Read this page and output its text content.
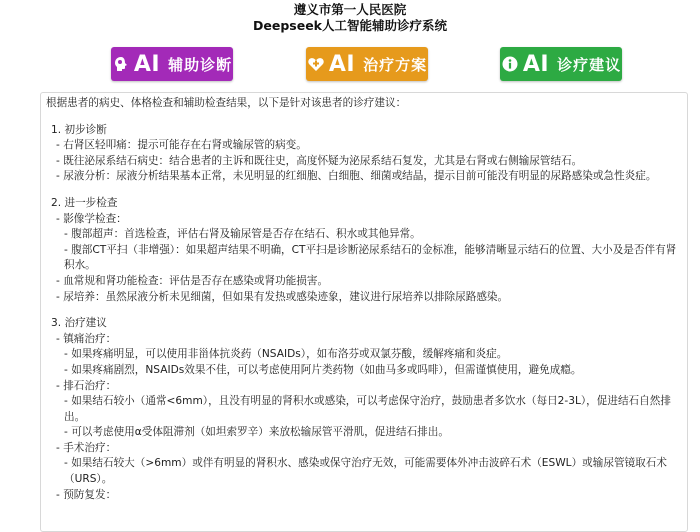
遵义市第一人民医院
Deepseek人工智能辅助诊疗系统
AI 辅助诊断	AI 治疗方案	AI 诊疗建议
根据患者的病史、体格检查和辅助检查结果，以下是针对该患者的诊疗建议：
1. 初步诊断
- 右肾区轻叩痛：提示可能存在右肾或输尿管的病变。
- 既往泌尿系结石病史：结合患者的主诉和既往史，高度怀疑为泌尿系结石复发，尤其是右肾或右侧输尿管结石。
- 尿液分析：尿液分析结果基本正常，未见明显的红细胞、白细胞、细菌或结晶，提示目前可能没有明显的尿路感染或急性炎症。
2. 进一步检查
- 影像学检查：
- 腹部超声：首选检查，评估右肾及输尿管是否存在结石、积水或其他异常。
- 腹部CT平扫（非增强）：如果超声结果不明确，CT平扫是诊断泌尿系结石的金标准，能够清晰显示结石的位置、大小及是否伴有肾积水。
- 血常规和肾功能检查：评估是否存在感染或肾功能损害。
- 尿培养：虽然尿液分析未见细菌，但如果有发热或感染迹象，建议进行尿培养以排除尿路感染。
3. 治疗建议
- 镇痛治疗：
- 如果疼痛明显，可以使用非甾体抗炎药（NSAIDs），如布洛芬或双氯芬酸，缓解疼痛和炎症。
- 如果疼痛剧烈，NSAIDs效果不佳，可以考虑使用阿片类药物（如曲马多或吗啡），但需谨慎使用，避免成瘾。
- 排石治疗：
- 如果结石较小（通常<6mm），且没有明显的肾积水或感染，可以考虑保守治疗，鼓励患者多饮水（每日2-3L），促进结石自然排出。
- 可以考虑使用α受体阻滞剂（如坦索罗辛）来放松输尿管平滑肌，促进结石排出。
- 手术治疗：
- 如果结石较大（>6mm）或伴有明显的肾积水、感染或保守治疗无效，可能需要体外冲击波碎石术（ESWL）或输尿管镜取石术（URS）。
- 预防复发：
